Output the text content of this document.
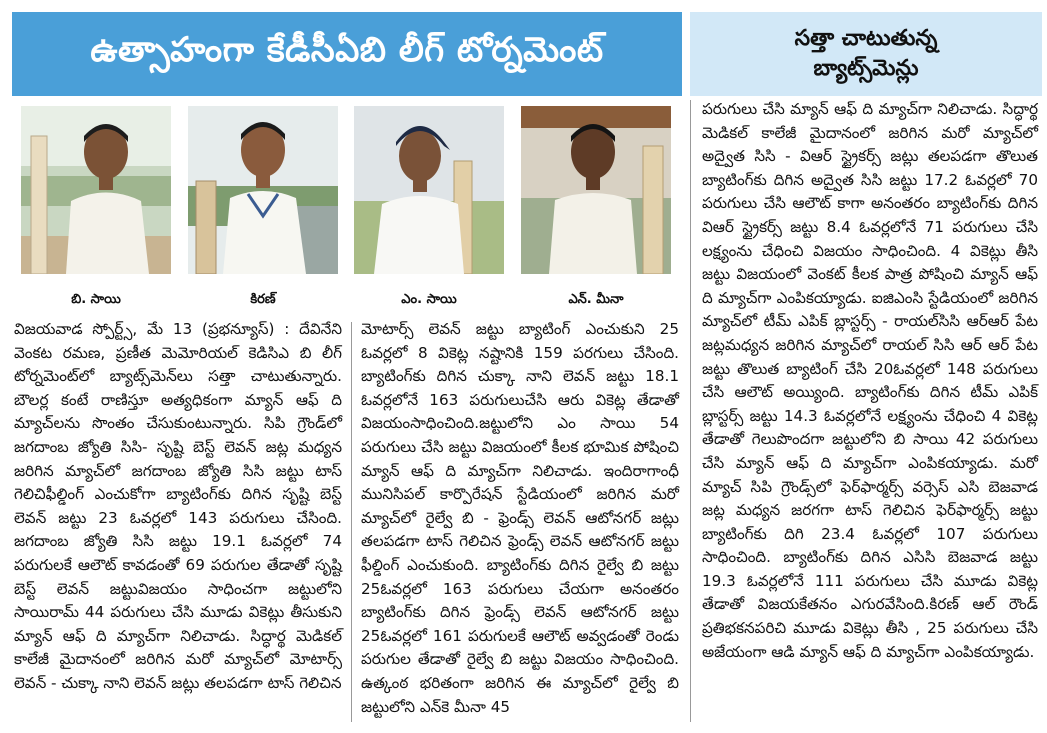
ఉత్సాహంగా కేడీసీఏబి లీగ్ టోర్నమెంట్	సత్తా చాటుతున్న
బ్యాట్స్‌మెన్లు
బి. సాయి	కిరణ్	ఎం. సాయి	ఎన్. మీనా
విజయవాడ స్పోర్ట్స్, మే 13 (ప్రభన్యూస్) : దేవినేని వెంకట రమణ, ప్రణీత మెమోరియల్ కెడిసిఎ బి లీగ్ టోర్నమెంట్‌లో బ్యాట్స్‌మెన్‌లు సత్తా చాటుతున్నారు. బౌలర్ల కంటే రాణిస్తూ అత్యధికంగా మ్యాన్ ఆఫ్ ది మ్యాచ్‌లను సొంతం చేసుకుంటున్నారు. సిపి గ్రౌండ్‌లో జగదాంబ జ్యోతి సిసి- సృష్టి బెస్ట్ లెవన్ జట్ల మధ్యన జరిగిన మ్యాచ్‌లో జగదాంబ జ్యోతి సిసి జట్టు టాస్ గెలిచిఫీల్డింగ్ ఎంచుకోగా బ్యాటింగ్‌కు దిగిన సృష్టి బెస్ట్ లెవన్ జట్టు 23 ఓవర్లలో 143 పరుగులు చేసింది. జగదాంబ జ్యోతి సిసి జట్టు 19.1 ఓవర్లలో 74 పరుగులకే ఆలౌట్ కావడంతో 69 పరుగుల తేడాతో సృష్టి బెస్ట్ లెవన్ జట్టువిజయం సాధించగా జట్టులోని సాయిరామ్ 44 పరుగులు చేసి మూడు వికెట్లు తీసుకుని మ్యాన్ ఆఫ్ ది మ్యాచ్‌గా నిలిచాడు. సిద్ధార్థ మెడికల్ కాలేజీ మైదానంలో జరిగిన మరో మ్యాచ్‌లో మోటార్స్ లెవన్ - చుక్కా నాని లెవన్ జట్లు తలపడగా టాస్ గెలిచిన
మోటార్స్ లెవన్ జట్టు బ్యాటింగ్ ఎంచుకుని 25 ఓవర్లలో 8 వికెట్ల నష్టానికి 159 పరగులు చేసింది. బ్యాటింగ్‌కు దిగిన చుక్కా నాని లెవన్ జట్టు 18.1 ఓవర్లలోనే 163 పరుగులుచేసి ఆరు వికెట్ల తేడాతో విజయంసాధించింది.జట్టులోని ఎం సాయి 54 పరుగులు చేసి జట్టు విజయంలో కీలక భూమిక పోషించి మ్యాన్ ఆఫ్ ది మ్యాచ్‌గా నిలిచాడు. ఇందిరాగాంధీ మునిసిపల్ కార్పొరేషన్ స్టేడియంలో జరిగిన మరో మ్యాచ్‌లో రైల్వే బి - ఫ్రెండ్స్ లెవన్ ఆటోనగర్ జట్లు తలపడగా టాస్ గెలిచిన ఫ్రెండ్స్ లెవన్ ఆటోనగర్ జట్టు ఫీల్డింగ్ ఎంచుకుంది. బ్యాటింగ్‌కు దిగిన రైల్వే బి జట్టు 25ఓవర్లలో 163 పరుగులు చేయగా అనంతరం బ్యాటింగ్‌కు దిగిన ఫ్రెండ్స్ లెవన్ ఆటోనగర్ జట్టు 25ఓవర్లలో 161 పరుగులకే ఆలౌట్ అవ్వడంతో రెండు పరుగుల తేడాతో రైల్వే బి జట్టు విజయం సాధించింది. ఉత్కంఠ భరితంగా జరిగిన ఈ మ్యాచ్‌లో రైల్వే బి జట్టులోని ఎన్‌కె మీనా 45
పరుగులు చేసి మ్యాన్ ఆఫ్ ది మ్యాచ్‌గా నిలిచాడు. సిద్ధార్థ మెడికల్ కాలేజీ మైదానంలో జరిగిన మరో మ్యాచ్‌లో అద్వైత సిసి - విఆర్ స్ట్రైకర్స్ జట్లు తలపడగా తొలుత బ్యాటింగ్‌కు దిగిన అద్వైత సిసి జట్టు 17.2 ఓవర్లలో 70 పరుగులు చేసి ఆలౌట్ కాగా అనంతరం బ్యాటింగ్‌కు దిగిన విఆర్ స్ట్రైకర్స్ జట్టు 8.4 ఓవర్లలోనే 71 పరుగులు చేసి లక్ష్యంను చేధించి విజయం సాధించింది. 4 వికెట్లు తీసి జట్టు విజయంలో వెంకట్ కీలక పాత్ర పోషించి మ్యాన్ ఆఫ్ ది మ్యాచ్‌గా ఎంపికయ్యాడు. ఐజిఎంసి స్టేడియంలో జరిగిన మ్యాచ్‌లో టీమ్ ఎపిక్ బ్లాస్టర్స్ - రాయల్‌సిసి ఆర్‌ఆర్ పేట జట్లమధ్యన జరిగిన మ్యాచ్‌లో రాయల్ సిసి ఆర్ ఆర్ పేట జట్టు తొలుత బ్యాటింగ్ చేసి 20ఓవర్లలో 148 పరుగులు చేసి ఆలౌట్ అయ్యింది. బ్యాటింగ్‌కు దిగిన టీమ్ ఎపిక్ బ్లాస్టర్స్ జట్టు 14.3 ఓవర్లలోనే లక్ష్యంను చేధించి 4 వికెట్ల తేడాతో గెలుపొందగా జట్టులోని బి సాయి 42 పరుగులు చేసి మ్యాన్ ఆఫ్ ది మ్యాచ్‌గా ఎంపికయ్యాడు. మరో మ్యాచ్ సిపి గ్రౌండ్స్‌లో ఫెర్‌ఫార్మర్స్ వర్సెస్ ఎసి బెజవాడ జట్ల మధ్యన జరగగా టాస్ గెలిచిన ఫెర్‌ఫార్మర్స్ జట్టు బ్యాటింగ్‌కు దిగి 23.4 ఓవర్లలో 107 పరుగులు సాధించింది. బ్యాటింగ్‌కు దిగిన ఎసిసి బెజవాడ జట్టు 19.3 ఓవర్లలోనే 111 పరుగులు చేసి మూడు వికెట్ల తేడాతో విజయకేతనం ఎగురవేసింది.కిరణ్ ఆల్ రౌండ్ ప్రతిభకనపరిచి మూడు వికెట్లు తీసి , 25 పరుగులు చేసి అజేయంగా ఆడి మ్యాన్ ఆఫ్ ది మ్యాచ్‌గా ఎంపికయ్యాడు.
